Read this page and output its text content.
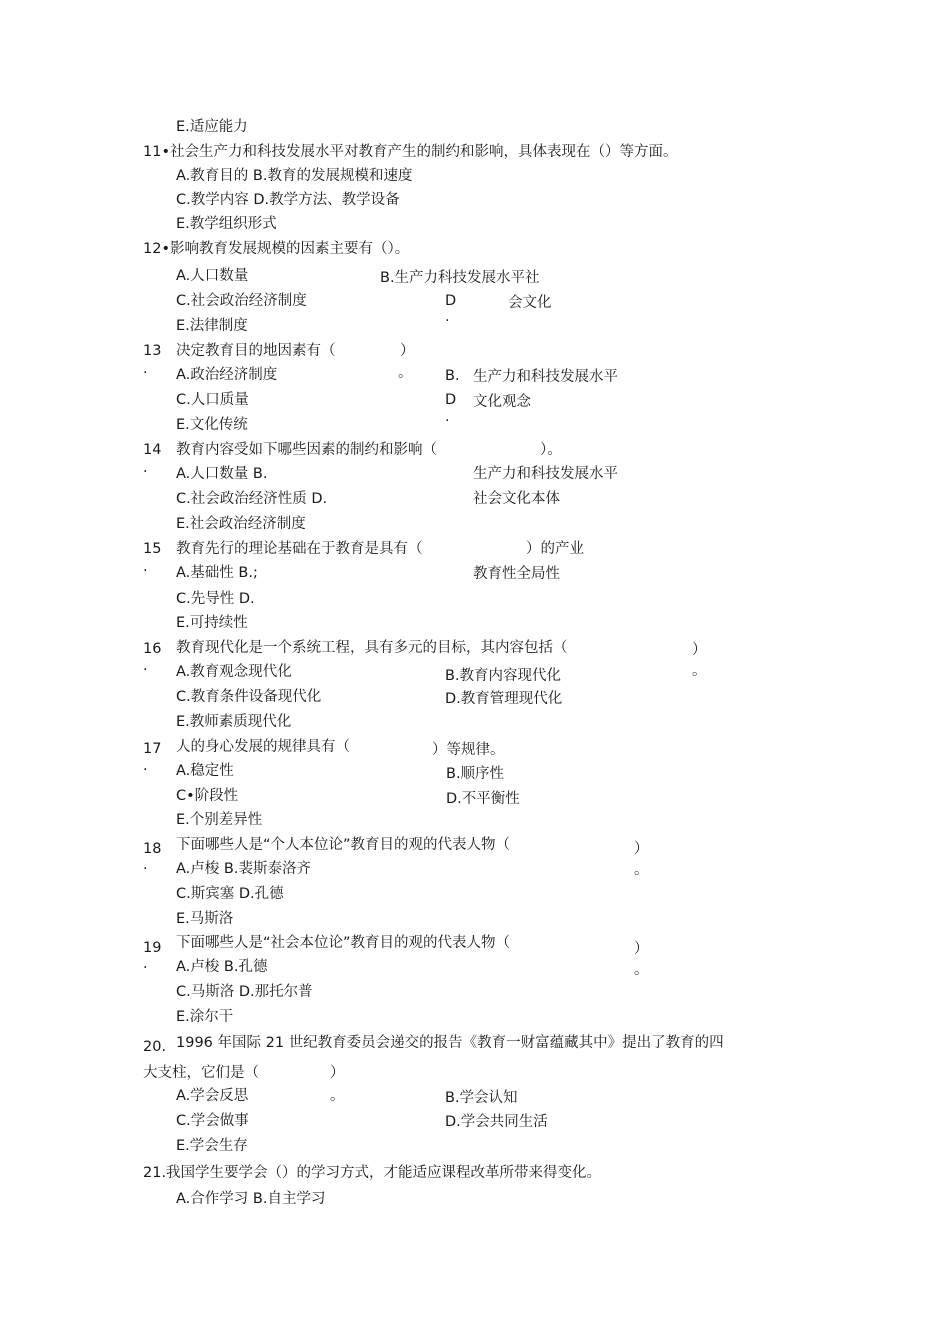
E.适应能力
11•社会生产力和科技发展水平对教育产生的制约和影响，具体表现在（）等方面。
A.教育目的 B.教育的发展规模和速度
C.教学内容 D.教学方法、教学设备
E.教学组织形式
12•影响教育发展规模的因素主要有（）。
A.人口数量	B.生产力科技发展水平社
C.社会政治经济制度	D	会文化
·
E.法律制度
13 决定教育目的地因素有（	）
· A.政治经济制度	。 B. 生产力和科技发展水平
C.人口质量	D 文化观念
·
E.文化传统
14 教育内容受如下哪些因素的制约和影响（	）。
· A.人口数量 B.	生产力和科技发展水平
C.社会政治经济性质 D.	社会文化本体
E.社会政治经济制度
15 教育先行的理论基础在于教育是具有（	）的产业
· A.基础性 B.;	教育性全局性
C.先导性 D.
E.可持续性
16 教育现代化是一个系统工程，具有多元的目标，其内容包括（	）
· A.教育观念现代化	B.教育内容现代化	。
C.教育条件设备现代化	D.教育管理现代化
E.教师素质现代化
17 人的身心发展的规律具有（	）等规律。
· A.稳定性	B.顺序性
C•阶段性	D.不平衡性
E.个别差异性
18 下面哪些人是“个人本位论”教育目的观的代表人物（	）
· A.卢梭 B.裴斯泰洛齐	。
C.斯宾塞 D.孔德
E.马斯洛
19 下面哪些人是“社会本位论”教育目的观的代表人物（	）
· A.卢梭 B.孔德	。
C.马斯洛 D.那托尔普
E.涂尔干
20. 1996 年国际 21 世纪教育委员会递交的报告《教育一财富蕴藏其中》提出了教育的四
大支柱，它们是（	）
A.学会反思	。	B.学会认知
C.学会做事	D.学会共同生活
E.学会生存
21.我国学生要学会（）的学习方式，才能适应课程改革所带来得变化。
A.合作学习 B.自主学习
